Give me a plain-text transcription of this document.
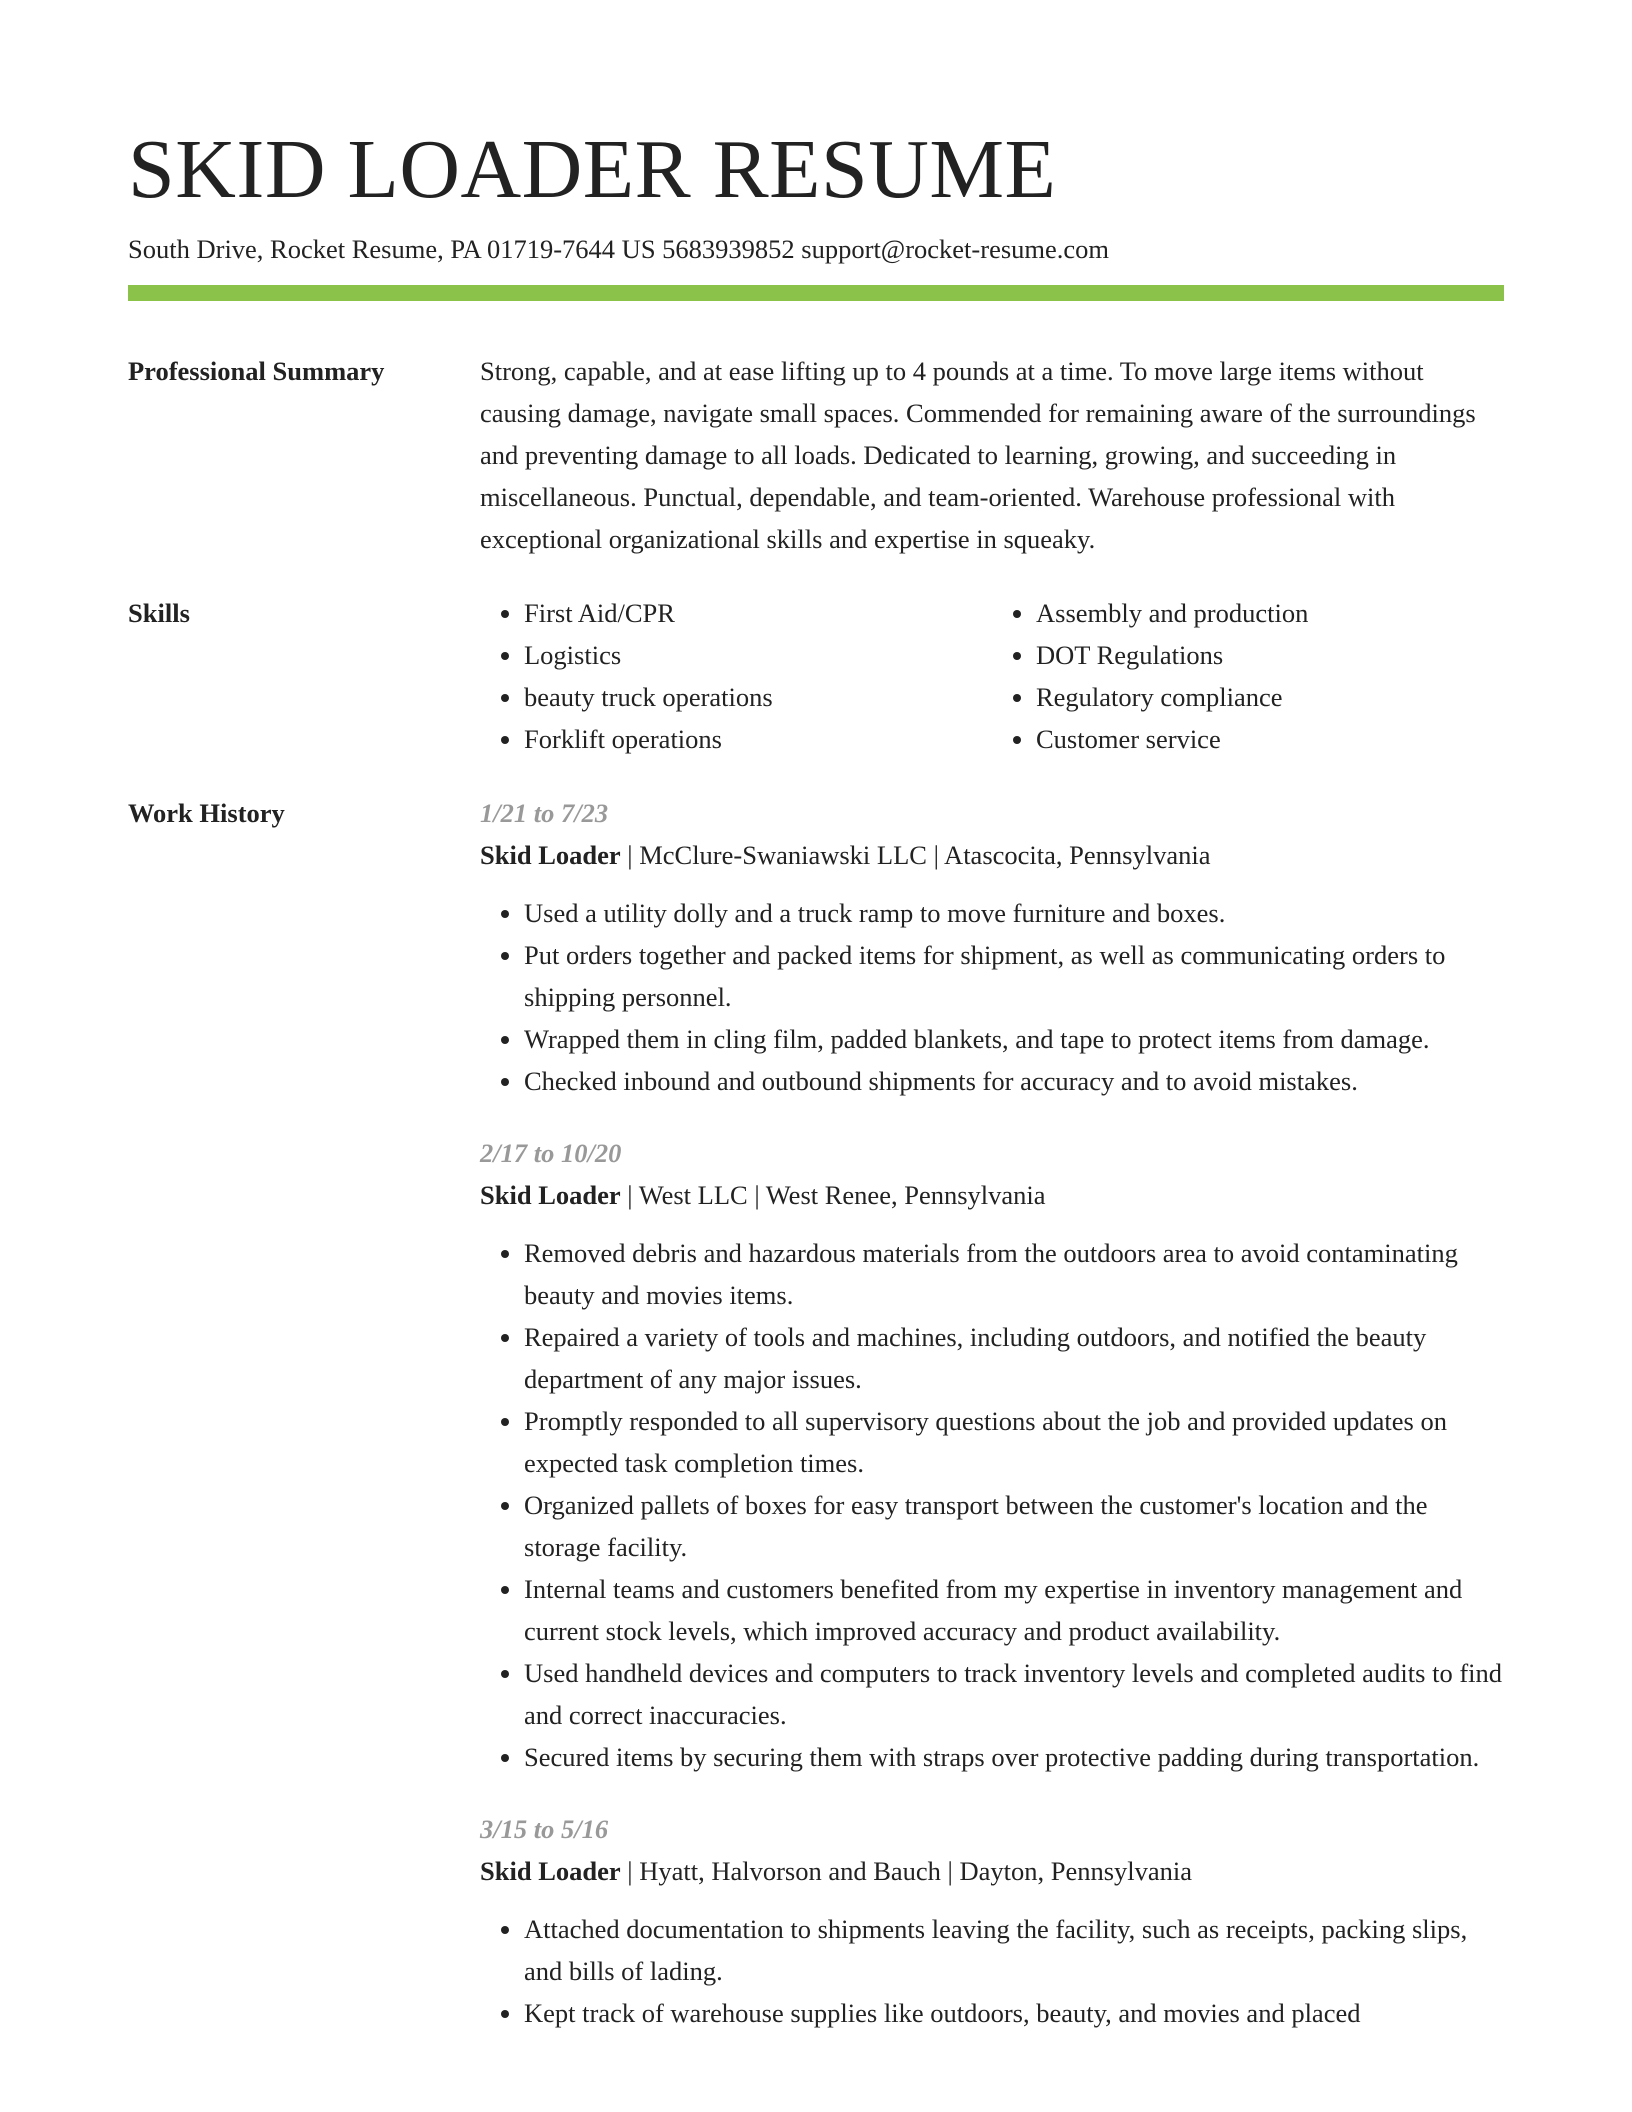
SKID LOADER RESUME
South Drive, Rocket Resume, PA 01719-7644 US 5683939852 support@rocket-resume.com
Professional Summary	Strong, capable, and at ease lifting up to 4 pounds at a time. To move large items without causing damage, navigate small spaces. Commended for remaining aware of the surroundings and preventing damage to all loads. Dedicated to learning, growing, and succeeding in miscellaneous. Punctual, dependable, and team-oriented. Warehouse professional with exceptional organizational skills and expertise in squeaky.

Skills
•	First Aid/CPR
• Logistics
• beauty truck operations
• Forklift operations
• Assembly and production
• DOT Regulations
• Regulatory compliance
• Customer service
Work History	1/21 to 7/23
Skid Loader | McClure-Swaniawski LLC | Atascocita, Pennsylvania
• Used a utility dolly and a truck ramp to move furniture and boxes.
• Put orders together and packed items for shipment, as well as communicating orders to shipping personnel.
• Wrapped them in cling film, padded blankets, and tape to protect items from damage.
• Checked inbound and outbound shipments for accuracy and to avoid mistakes.
2/17 to 10/20
Skid Loader | West LLC | West Renee, Pennsylvania
• Removed debris and hazardous materials from the outdoors area to avoid contaminating beauty and movies items.
• Repaired a variety of tools and machines, including outdoors, and notified the beauty department of any major issues.
• Promptly responded to all supervisory questions about the job and provided updates on expected task completion times.
• Organized pallets of boxes for easy transport between the customer's location and the storage facility.
• Internal teams and customers benefited from my expertise in inventory management and current stock levels, which improved accuracy and product availability.
• Used handheld devices and computers to track inventory levels and completed audits to find and correct inaccuracies.
• Secured items by securing them with straps over protective padding during transportation.
3/15 to 5/16
Skid Loader | Hyatt, Halvorson and Bauch | Dayton, Pennsylvania
• Attached documentation to shipments leaving the facility, such as receipts, packing slips, and bills of lading.
• Kept track of warehouse supplies like outdoors, beauty, and movies and placed
